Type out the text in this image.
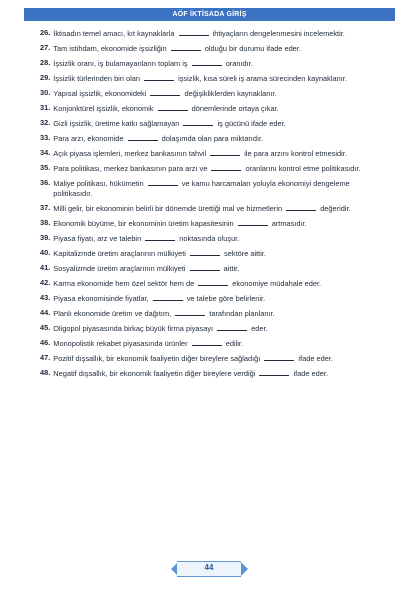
AÖF İKTİSADA GİRİŞ
26. İktisadın temel amacı, kıt kaynaklarla	ihtiyaçların dengelenmesini incelemektir.
27. Tam istihdam, ekonomide işsizliğin	olduğu bir durumu ifade eder.
28. İşsizlik oranı, iş bulamayanların toplam iş	oranıdır.
29. İşsizlik türlerinden biri olan	işsizlik, kısa süreli iş arama sürecinden kaynaklanır.
30. Yapısal işsizlik, ekonomideki	değişikliklerden kaynaklanır.
31. Konjonktürel işsizlik, ekonomik	dönemlerinde ortaya çıkar.
32. Gizli işsizlik, üretime katkı sağlamayan	iş gücünü ifade eder.
33. Para arzı, ekonomide	dolaşımda olan para miktarıdır.
34. Açık piyasa işlemleri, merkez bankasının tahvil	ile para arzını kontrol etmesidir.
35. Para politikası, merkez bankasının para arzı ve	oranlarını kontrol etme politikasıdır.
36. Maliye politikası, hükümetin	ve kamu harcamaları yoluyla ekonomiyi dengeleme politikasıdır.
37. Milli gelir, bir ekonominin belirli bir dönemde ürettiği mal ve hizmetlerin	değeridir.
38. Ekonomik büyüme, bir ekonominin üretim kapasitesinin	artmasıdır.
39. Piyasa fiyatı, arz ve talebin	noktasında oluşur.
40. Kapitalizmde üretim araçlarının mülkiyeti	sektöre aittir.
41. Sosyalizmde üretim araçlarının mülkiyeti	aittir.
42. Karma ekonomide hem özel sektör hem de	ekonomiye müdahale eder.
43. Piyasa ekonomisinde fiyatlar,	ve talebe göre belirlenir.
44. Planlı ekonomide üretim ve dağıtım,	tarafından planlanır.
45. Oligopol piyasasında birkaç büyük firma piyasayı	eder.
46. Monopolistik rekabet piyasasında ürünler	edilir.
47. Pozitif dışsallık, bir ekonomik faaliyetin diğer bireylere sağladığı	ifade eder.
48. Negatif dışsallık, bir ekonomik faaliyetin diğer bireylere verdiği	ifade eder.
44
